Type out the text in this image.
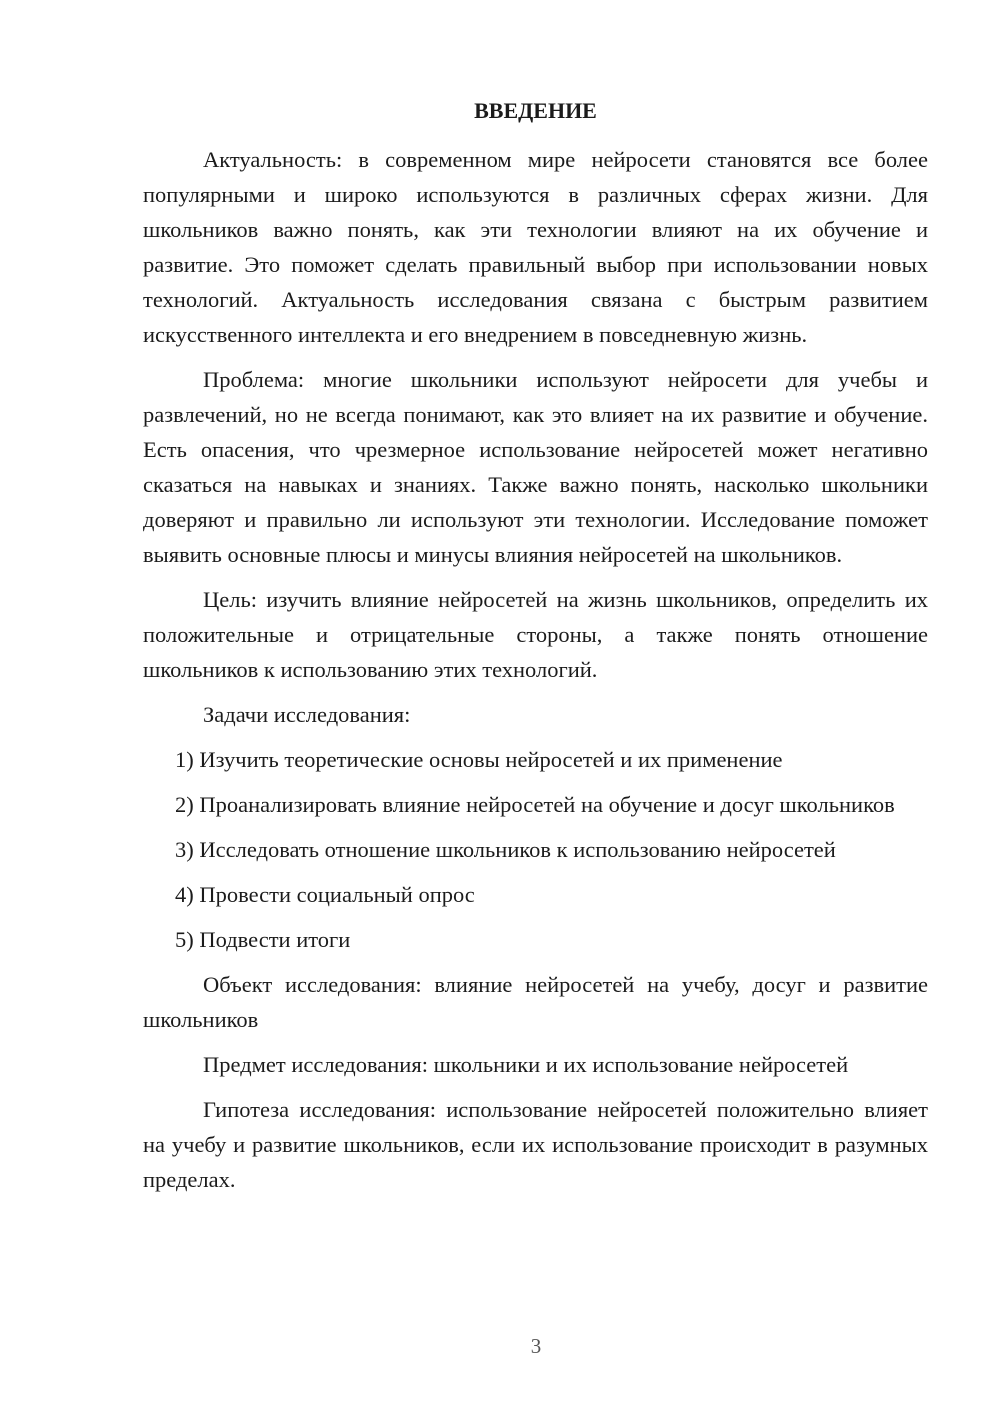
ВВЕДЕНИЕ

Актуальность: в современном мире нейросети становятся все более популярными и широко используются в различных сферах жизни. Для школьников важно понять, как эти технологии влияют на их обучение и развитие. Это поможет сделать правильный выбор при использовании новых технологий. Актуальность исследования связана с быстрым развитием искусственного интеллекта и его внедрением в повседневную жизнь.

Проблема: многие школьники используют нейросети для учебы и развлечений, но не всегда понимают, как это влияет на их развитие и обучение. Есть опасения, что чрезмерное использование нейросетей может негативно сказаться на навыках и знаниях. Также важно понять, насколько школьники доверяют и правильно ли используют эти технологии. Исследование поможет выявить основные плюсы и минусы влияния нейросетей на школьников.

Цель: изучить влияние нейросетей на жизнь школьников, определить их положительные и отрицательные стороны, а также понять отношение школьников к использованию этих технологий.

Задачи исследования:

1) Изучить теоретические основы нейросетей и их применение

2) Проанализировать влияние нейросетей на обучение и досуг школьников

3) Исследовать отношение школьников к использованию нейросетей

4) Провести социальный опрос

5) Подвести итоги

Объект исследования: влияние нейросетей на учебу, досуг и развитие школьников

Предмет исследования: школьники и их использование нейросетей

Гипотеза исследования: использование нейросетей положительно влияет на учебу и развитие школьников, если их использование происходит в разумных пределах.

3
